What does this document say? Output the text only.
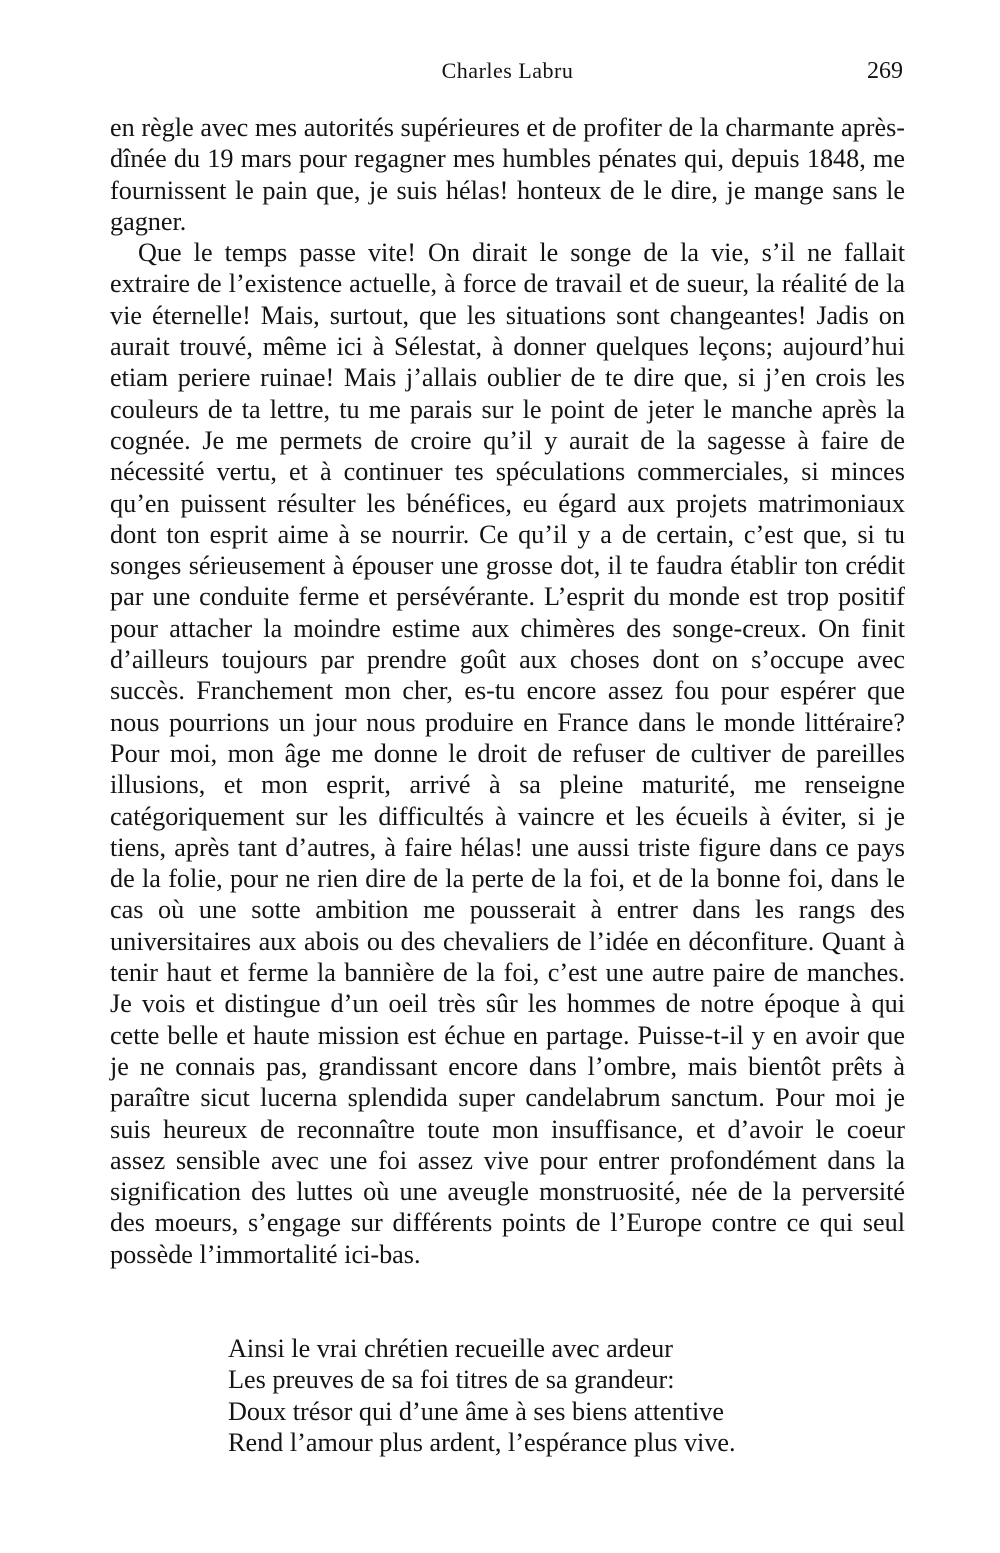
Charles Labru	269

en règle avec mes autorités supérieures et de profiter de la charmante après-dînée du 19 mars pour regagner mes humbles pénates qui, depuis 1848, me fournissent le pain que, je suis hélas! honteux de le dire, je mange sans le gagner.

Que le temps passe vite! On dirait le songe de la vie, s’il ne fallait extraire de l’existence actuelle, à force de travail et de sueur, la réalité de la vie éternelle! Mais, surtout, que les situations sont changeantes! Jadis on aurait trouvé, même ici à Sélestat, à donner quelques leçons; aujourd’hui etiam periere ruinae! Mais j’allais oublier de te dire que, si j’en crois les couleurs de ta lettre, tu me parais sur le point de jeter le manche après la cognée. Je me permets de croire qu’il y aurait de la sagesse à faire de nécessité vertu, et à continuer tes spéculations commerciales, si minces qu’en puissent résulter les bénéfices, eu égard aux projets matrimoniaux dont ton esprit aime à se nourrir. Ce qu’il y a de certain, c’est que, si tu songes sérieusement à épouser une grosse dot, il te faudra établir ton crédit par une conduite ferme et persévérante. L’esprit du monde est trop positif pour attacher la moindre estime aux chimères des songe-creux. On finit d’ailleurs toujours par prendre goût aux choses dont on s’occupe avec succès. Franchement mon cher, es-tu encore assez fou pour espérer que nous pourrions un jour nous produire en France dans le monde littéraire? Pour moi, mon âge me donne le droit de refuser de cultiver de pareilles illusions, et mon esprit, arrivé à sa pleine maturité, me renseigne catégoriquement sur les difficultés à vaincre et les écueils à éviter, si je tiens, après tant d’autres, à faire hélas! une aussi triste figure dans ce pays de la folie, pour ne rien dire de la perte de la foi, et de la bonne foi, dans le cas où une sotte ambition me pousserait à entrer dans les rangs des universitaires aux abois ou des chevaliers de l’idée en déconfiture. Quant à tenir haut et ferme la bannière de la foi, c’est une autre paire de manches. Je vois et distingue d’un oeil très sûr les hommes de notre époque à qui cette belle et haute mission est échue en partage. Puisse-t-il y en avoir que je ne connais pas, grandissant encore dans l’ombre, mais bientôt prêts à paraître sicut lucerna splendida super candelabrum sanctum. Pour moi je suis heureux de reconnaître toute mon insuffisance, et d’avoir le coeur assez sensible avec une foi assez vive pour entrer profondément dans la signification des luttes où une aveugle monstruosité, née de la perversité des moeurs, s’engage sur différents points de l’Europe contre ce qui seul possède l’immortalité ici-bas.

Ainsi le vrai chrétien recueille avec ardeur
Les preuves de sa foi titres de sa grandeur:
Doux trésor qui d’une âme à ses biens attentive
Rend l’amour plus ardent, l’espérance plus vive.
